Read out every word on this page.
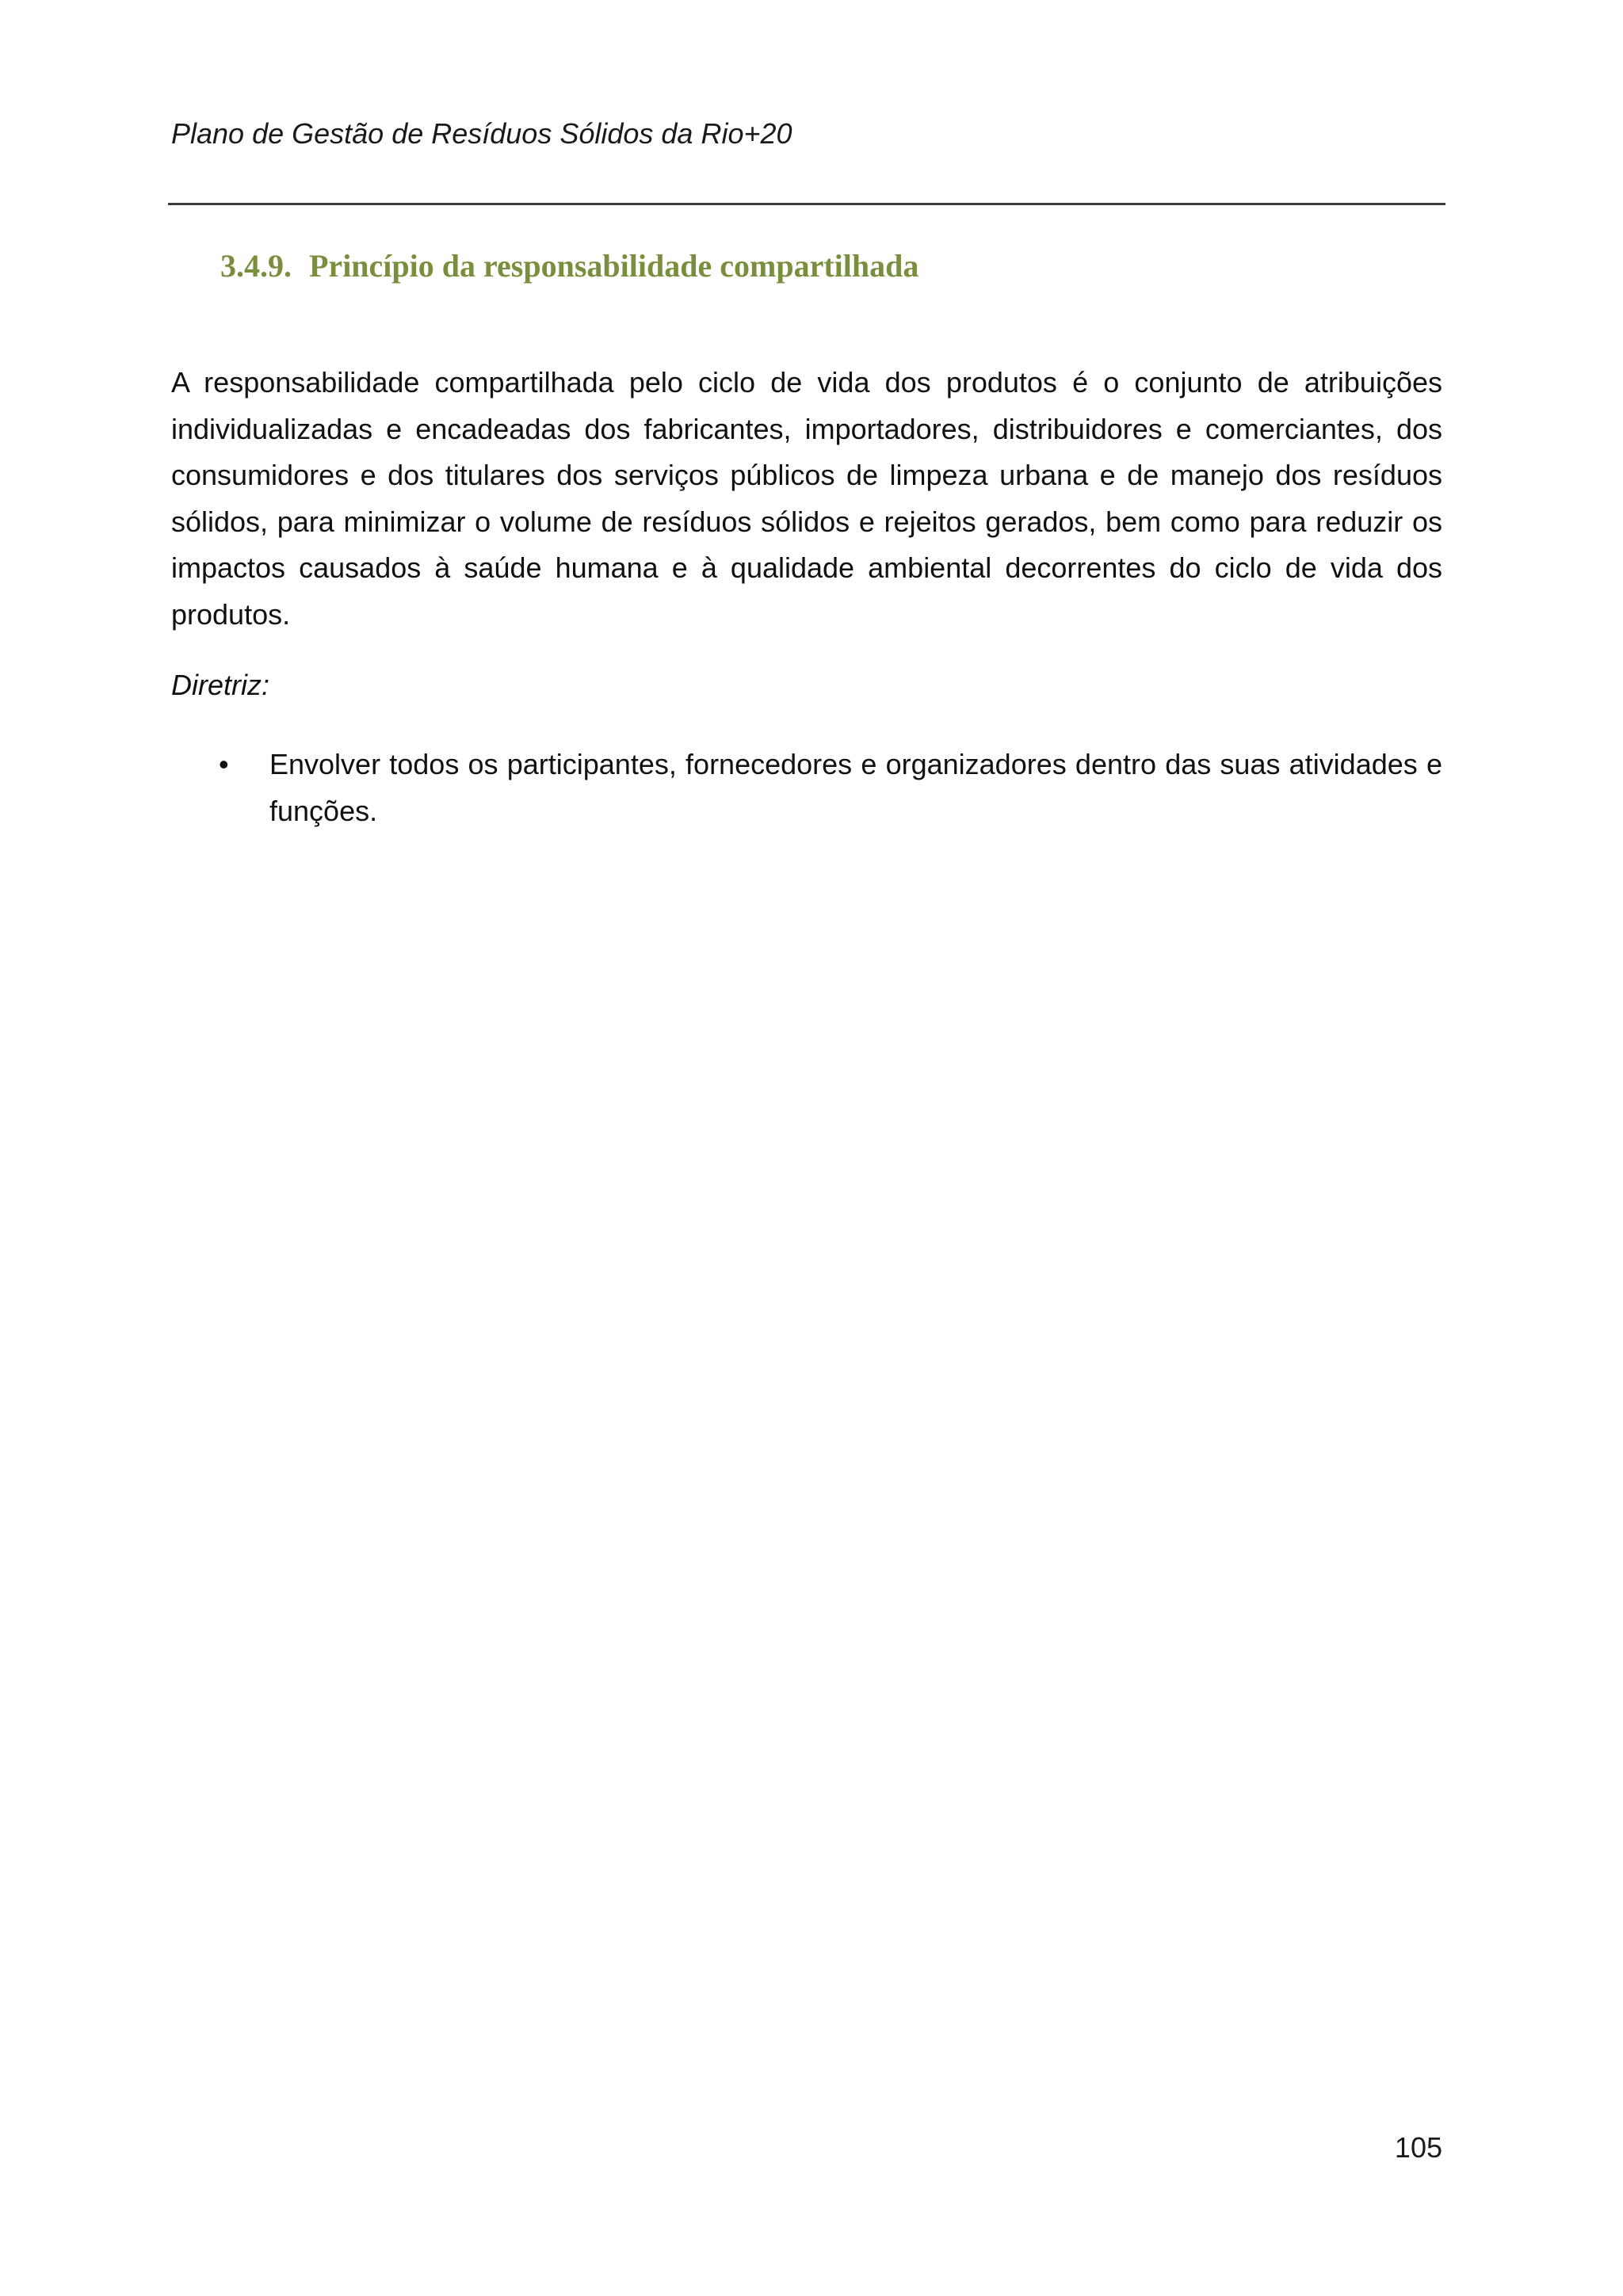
Plano de Gestão de Resíduos Sólidos da Rio+20
3.4.9. Princípio da responsabilidade compartilhada

A responsabilidade compartilhada pelo ciclo de vida dos produtos é o conjunto de atribuições individualizadas e encadeadas dos fabricantes, importadores, distribuidores e comerciantes, dos consumidores e dos titulares dos serviços públicos de limpeza urbana e de manejo dos resíduos sólidos, para minimizar o volume de resíduos sólidos e rejeitos gerados, bem como para reduzir os impactos causados à saúde humana e à qualidade ambiental decorrentes do ciclo de vida dos produtos.

Diretriz:

• Envolver todos os participantes, fornecedores e organizadores dentro das suas atividades e funções.
105
